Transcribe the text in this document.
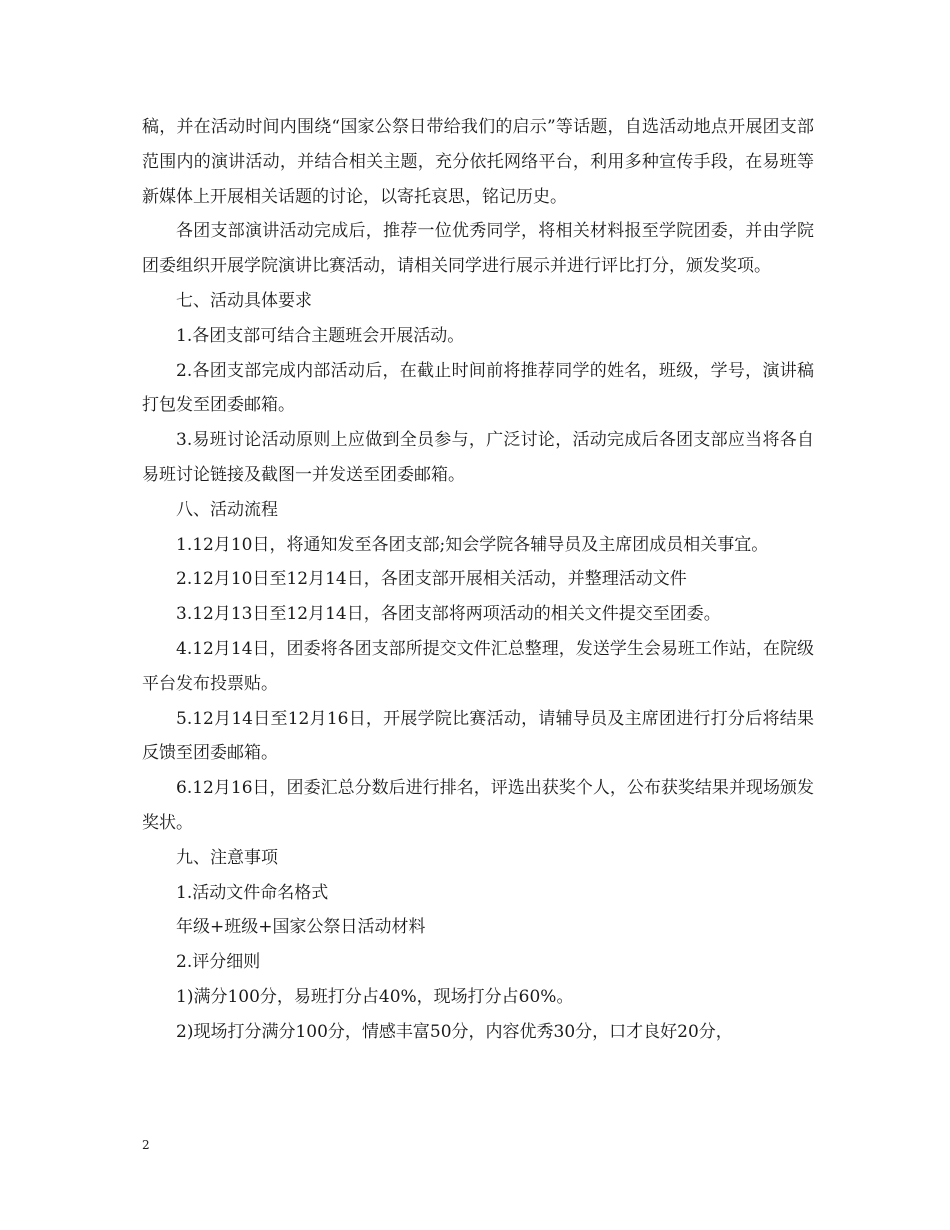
稿，并在活动时间内围绕“国家公祭日带给我们的启示”等话题，自选活动地点开展团支部范围内的演讲活动，并结合相关主题，充分依托网络平台，利用多种宣传手段，在易班等新媒体上开展相关话题的讨论，以寄托哀思，铭记历史。

各团支部演讲活动完成后，推荐一位优秀同学，将相关材料报至学院团委，并由学院团委组织开展学院演讲比赛活动，请相关同学进行展示并进行评比打分，颁发奖项。

七、活动具体要求

1.各团支部可结合主题班会开展活动。

2.各团支部完成内部活动后，在截止时间前将推荐同学的姓名，班级，学号，演讲稿打包发至团委邮箱。

3.易班讨论活动原则上应做到全员参与，广泛讨论，活动完成后各团支部应当将各自易班讨论链接及截图一并发送至团委邮箱。

八、活动流程

1.12月10日，将通知发至各团支部;知会学院各辅导员及主席团成员相关事宜。

2.12月10日至12月14日，各团支部开展相关活动，并整理活动文件

3.12月13日至12月14日，各团支部将两项活动的相关文件提交至团委。

4.12月14日，团委将各团支部所提交文件汇总整理，发送学生会易班工作站，在院级平台发布投票贴。

5.12月14日至12月16日，开展学院比赛活动，请辅导员及主席团进行打分后将结果反馈至团委邮箱。

6.12月16日，团委汇总分数后进行排名，评选出获奖个人，公布获奖结果并现场颁发奖状。

九、注意事项

1.活动文件命名格式

年级+班级+国家公祭日活动材料

2.评分细则

1)满分100分，易班打分占40%，现场打分占60%。

2)现场打分满分100分，情感丰富50分，内容优秀30分，口才良好20分，

2
